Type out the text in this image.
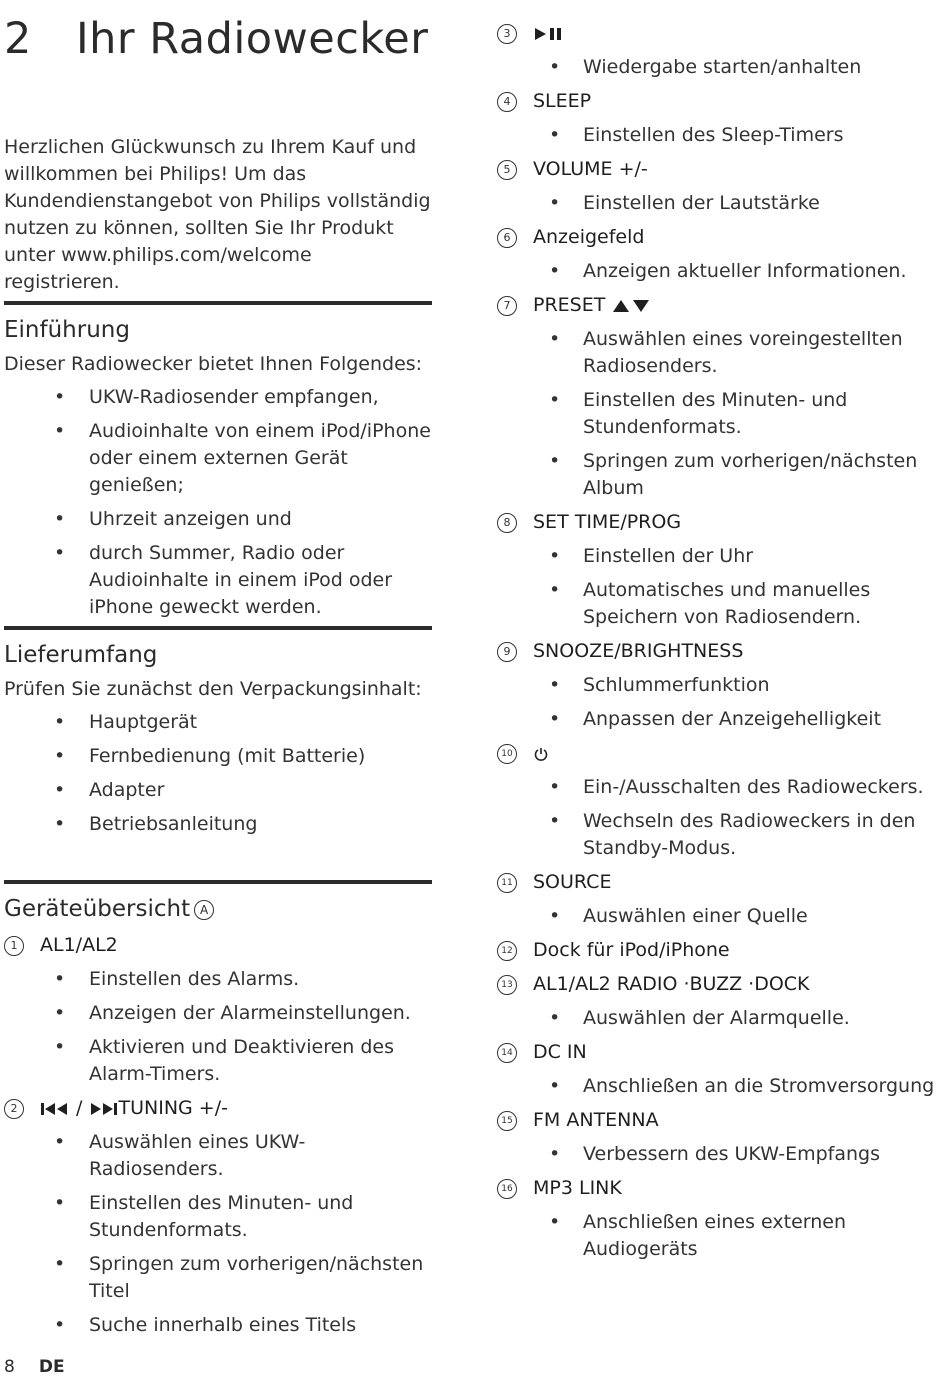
2 Ihr Radiowecker

Herzlichen Glückwunsch zu Ihrem Kauf und willkommen bei Philips! Um das Kundendienstangebot von Philips vollständig nutzen zu können, sollten Sie Ihr Produkt unter www.philips.com/welcome registrieren.

Einführung

Dieser Radiowecker bietet Ihnen Folgendes:

• UKW-Radiosender empfangen,
• Audioinhalte von einem iPod/iPhone oder einem externen Gerät genießen;
• Uhrzeit anzeigen und
• durch Summer, Radio oder Audioinhalte in einem iPod oder iPhone geweckt werden.
Lieferumfang

Prüfen Sie zunächst den Verpackungsinhalt:

• Hauptgerät
• Fernbedienung (mit Batterie)
• Adapter
• Betriebsanleitung
Geräteübersicht A
1	AL1/AL2
• Einstellen des Alarms.
• Anzeigen der Alarmeinstellungen.
• Aktivieren und Deaktivieren des Alarm-Timers.
2	/ TUNING +/-
• Auswählen eines UKW-Radiosenders.
• Einstellen des Minuten- und Stundenformats.
• Springen zum vorherigen/nächsten Titel
• Suche innerhalb eines Titels
3
• Wiedergabe starten/anhalten
4	SLEEP
• Einstellen des Sleep-Timers
5	VOLUME +/-
• Einstellen der Lautstärke
6	Anzeigefeld
• Anzeigen aktueller Informationen.
7	PRESET
• Auswählen eines voreingestellten Radiosenders.
• Einstellen des Minuten- und Stundenformats.
• Springen zum vorherigen/nächsten Album
8	SET TIME/PROG
• Einstellen der Uhr
• Automatisches und manuelles Speichern von Radiosendern.
9	SNOOZE/BRIGHTNESS
• Schlummerfunktion
• Anpassen der Anzeigehelligkeit
10
• Ein-/Ausschalten des Radioweckers.
• Wechseln des Radioweckers in den Standby-Modus.
11 SOURCE
• Auswählen einer Quelle
12 Dock für iPod/iPhone
13 AL1/AL2 RADIO ·BUZZ ·DOCK
• Auswählen der Alarmquelle.
14 DC IN
• Anschließen an die Stromversorgung
15 FM ANTENNA
• Verbessern des UKW-Empfangs
16 MP3 LINK
• Anschließen eines externen Audiogeräts
8 DE
